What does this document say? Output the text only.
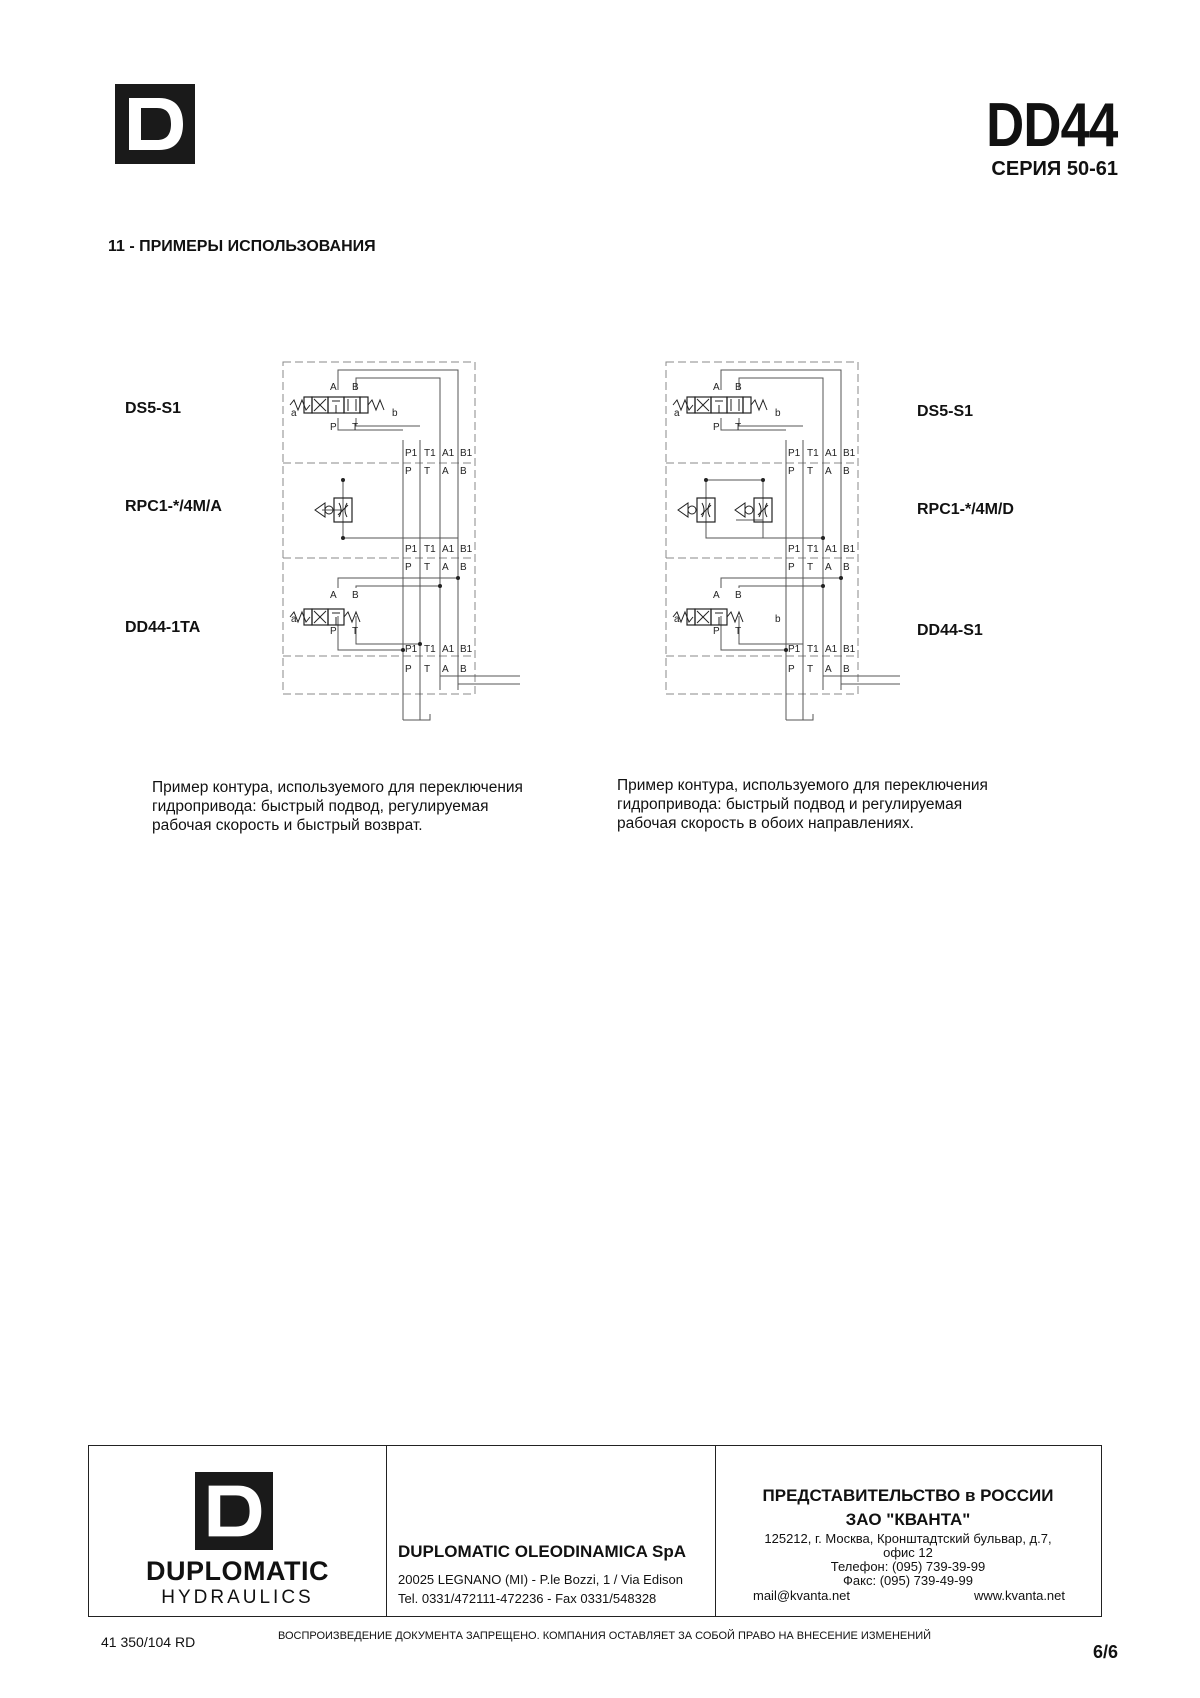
DD44
СЕРИЯ 50-61
11 - ПРИМЕРЫ ИСПОЛЬЗОВАНИЯ
DS5-S1
RPC1-*/4M/A
DD44-1TA
DS5-S1
RPC1-*/4M/D
DD44-S1
A B
P T
a	b
P1 T1 A1 B1
P T A B
P1 T1 A1 B1
P T A B
A B
P T
a
P1 T1 A1 B1
P T A B
A B
P T
a	b
P1 T1 A1 B1
P T A B
P1 T1 A1 B1
P T A B
A B
P T
a	b
P1 T1 A1 B1
P T A B
Пример контура, используемого для переключения
гидропривода: быстрый подвод, регулируемая
рабочая скорость и быстрый возврат.
Пример контура, используемого для переключения
гидропривода: быстрый подвод и регулируемая
рабочая скорость в обоих направлениях.
DUPLOMATIC
HYDRAULICS
DUPLOMATIC OLEODINAMICA SpA
20025 LEGNANO (MI) - P.le Bozzi, 1 / Via Edison
Tel. 0331/472111-472236 - Fax 0331/548328
ПРЕДСТАВИТЕЛЬСТВО в РОССИИ
ЗАО "КВАНТА"
125212, г. Москва, Кронштадтский бульвар, д.7,
офис 12
Телефон: (095) 739-39-99
Факс: (095) 739-49-99
mail@kvanta.net	www.kvanta.net
41 350/104 RD	ВОСПРОИЗВЕДЕНИЕ ДОКУМЕНТА ЗАПРЕЩЕНО. КОМПАНИЯ ОСТАВЛЯЕТ ЗА СОБОЙ ПРАВО НА ВНЕСЕНИЕ ИЗМЕНЕНИЙ
6/6
